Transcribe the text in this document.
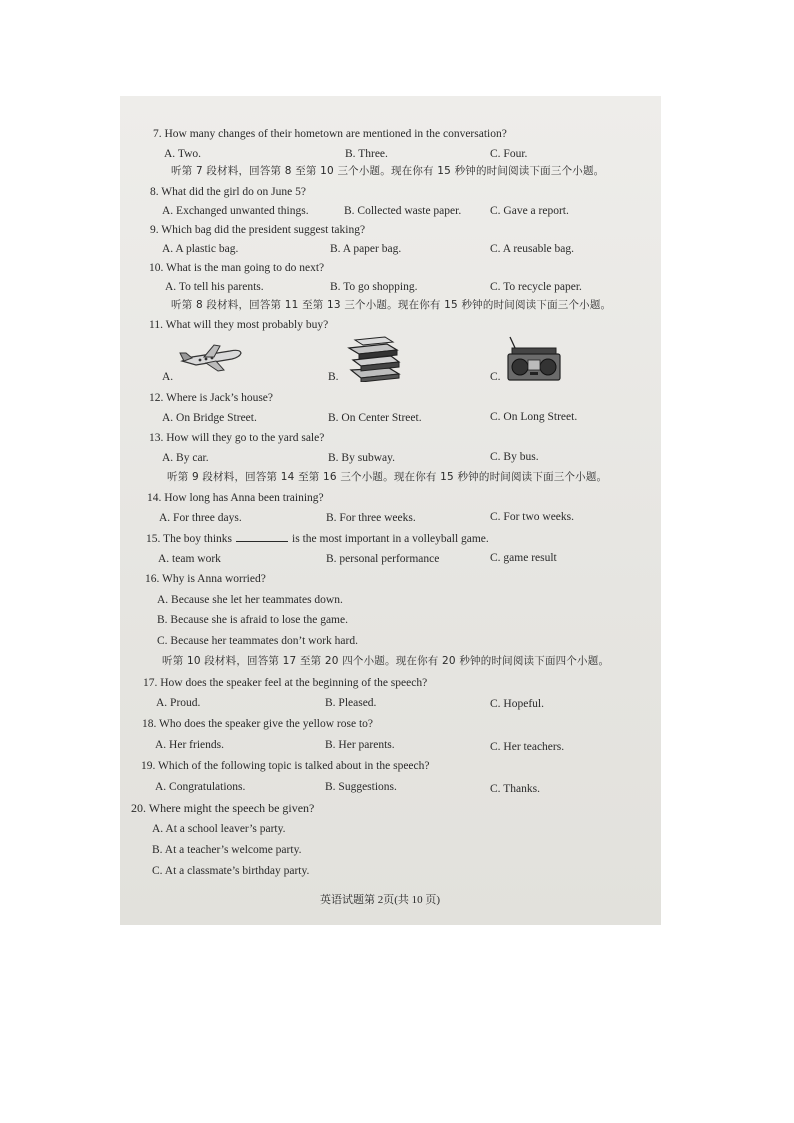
7. How many changes of their hometown are mentioned in the conversation?
A. Two.	B. Three.	C. Four.
听第 7 段材料，回答第 8 至第 10 三个小题。现在你有 15 秒钟的时间阅读下面三个小题。
8. What did the girl do on June 5?
A. Exchanged unwanted things.	B. Collected waste paper.	C. Gave a report.
9. Which bag did the president suggest taking?
A. A plastic bag.	B. A paper bag.	C. A reusable bag.
10. What is the man going to do next?
A. To tell his parents.	B. To go shopping.	C. To recycle paper.
听第 8 段材料，回答第 11 至第 13 三个小题。现在你有 15 秒钟的时间阅读下面三个小题。
11. What will they most probably buy?
A.	B.	C.
12. Where is Jack’s house?
A. On Bridge Street.	B. On Center Street.	C. On Long Street.
13. How will they go to the yard sale?
A. By car.	B. By subway.	C. By bus.
听第 9 段材料，回答第 14 至第 16 三个小题。现在你有 15 秒钟的时间阅读下面三个小题。
14. How long has Anna been training?
A. For three days.	B. For three weeks.	C. For two weeks.
15. The boy thinks	is the most important in a volleyball game.
A. team work	B. personal performance	C. game result
16. Why is Anna worried?
A. Because she let her teammates down.
B. Because she is afraid to lose the game.
C. Because her teammates don’t work hard.
听第 10 段材料，回答第 17 至第 20 四个小题。现在你有 20 秒钟的时间阅读下面四个小题。
17. How does the speaker feel at the beginning of the speech?
A. Proud.	B. Pleased.	C. Hopeful.
18. Who does the speaker give the yellow rose to?
A. Her friends.	B. Her parents.	C. Her teachers.
19. Which of the following topic is talked about in the speech?
A. Congratulations.	B. Suggestions.	C. Thanks.
20. Where might the speech be given?
A. At a school leaver’s party.
B. At a teacher’s welcome party.
C. At a classmate’s birthday party.
英语试题第 2页(共 10 页)
